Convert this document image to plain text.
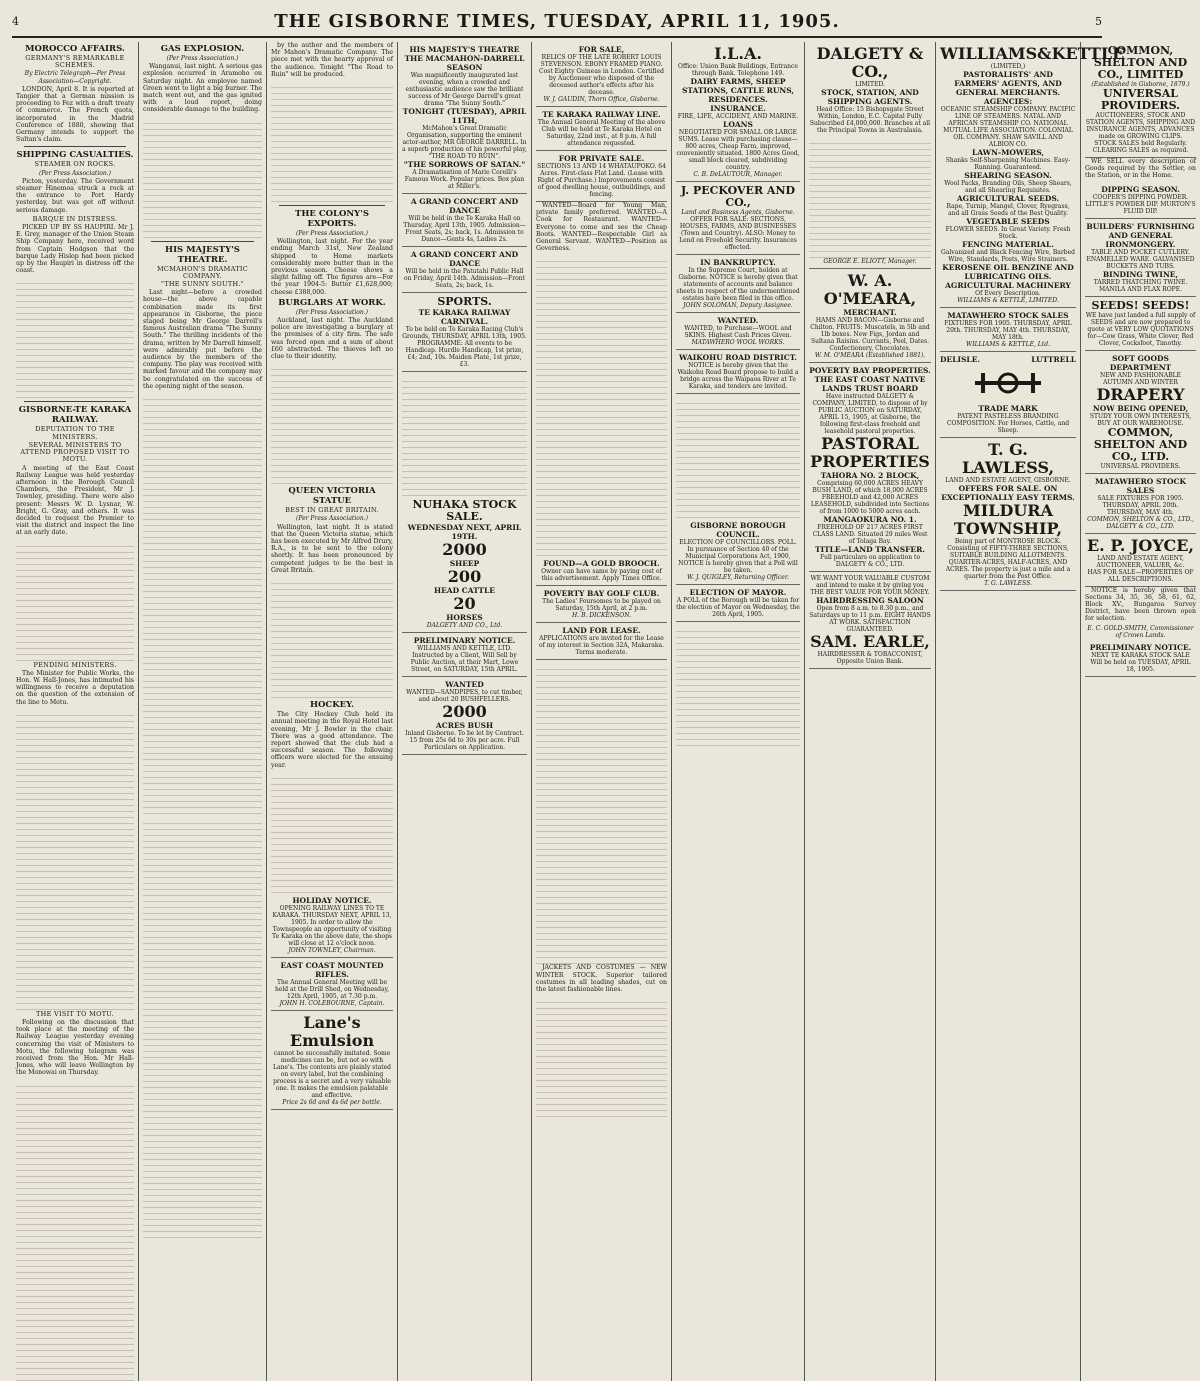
4	THE GISBORNE TIMES, TUESDAY, APRIL 11, 1905.	5
MOROCCO AFFAIRS.
GERMANY'S REMARKABLE SCHEMES.
By Electric Telegraph—Per Press Association—Copyright.

LONDON, April 8. It is reported at Tangier that a German mission is proceeding to Fez with a draft treaty of commerce. The French quota, incorporated in the Madrid Conference of 1880, showing that Germany intends to support the Sultan's claim.

SHIPPING CASUALTIES.
STEAMER ON ROCKS.
(Per Press Association.)

Picton, yesterday. The Government steamer Hinemoa struck a rock at the entrance to Port Hardy yesterday, but was got off without serious damage.

BARQUE IN DISTRESS.

PICKED UP BY SS HAUPIRI. Mr J. E. Grey, manager of the Union Steam Ship Company here, received word from Captain Hodgson that the barque Lady Hislop had been picked up by the Haupiri in distress off the coast.

GISBORNE-TE KARAKA RAILWAY.
DEPUTATION TO THE MINISTERS.
SEVERAL MINISTERS TO ATTEND PROPOSED VISIT TO MOTU.

A meeting of the East Coast Railway League was held yesterday afternoon in the Borough Council Chambers, the President, Mr J. Townley, presiding. There were also present: Messrs W. D. Lysnar, W. Bright, G. Gray, and others. It was decided to request the Premier to visit the district and inspect the line at an early date.

PENDING MINISTERS.

The Minister for Public Works, the Hon. W. Hall-Jones, has intimated his willingness to receive a deputation on the question of the extension of the line to Motu.

THE VISIT TO MOTU.

Following on the discussion that took place at the meeting of the Railway League yesterday evening concerning the visit of Ministers to Motu, the following telegram was received from the Hon. Mr Hall-Jones, who will leave Wellington by the Monowai on Thursday.

GAS EXPLOSION.
(Per Press Association.)

Wanganui, last night. A serious gas explosion occurred in Aramoho on Saturday night. An employee named Green went to light a big burner. The match went out, and the gas ignited with a loud report, doing considerable damage to the building.

HIS MAJESTY'S THEATRE.
MCMAHON'S DRAMATIC COMPANY.
"THE SUNNY SOUTH."

Last night—before a crowded house—the above capable combination made its first appearance in Gisborne, the piece staged being Mr George Darrell's famous Australian drama "The Sunny South." The thrilling incidents of the drama, written by Mr Darrell himself, were admirably put before the audience by the members of the company. The play was received with marked favour and the company may be congratulated on the success of the opening night of the season.

by the author and the members of Mr Mahon's Dramatic Company. The piece met with the hearty approval of the audience. Tonight "The Road to Ruin" will be produced.

THE COLONY'S EXPORTS.
(Per Press Association.)

Wellington, last night. For the year ending March 31st, New Zealand shipped to Home markets considerably more butter than in the previous season. Cheese shows a slight falling off. The figures are—For the year 1904-5: Butter £1,628,000; cheese £388,000.

BURGLARS AT WORK.
(Per Press Association.)

Auckland, last night. The Auckland police are investigating a burglary at the premises of a city firm. The safe was forced open and a sum of about £60 abstracted. The thieves left no clue to their identity.

QUEEN VICTORIA STATUE
BEST IN GREAT BRITAIN.
(Per Press Association.)

Wellington, last night. It is stated that the Queen Victoria statue, which has been executed by Mr Alfred Drury, R.A., is to be sent to the colony shortly. It has been pronounced by competent judges to be the best in Great Britain.

HOCKEY.

The City Hockey Club held its annual meeting in the Royal Hotel last evening, Mr J. Bowler in the chair. There was a good attendance. The report showed that the club had a successful season. The following officers were elected for the ensuing year.

HOLIDAY NOTICE.
OPENING RAILWAY LINES TO TE KARAKA. THURSDAY NEXT, APRIL 13, 1905. In order to allow the Townspeople an opportunity of visiting Te Karaka on the above date, the shops will close at 12 o'clock noon.
JOHN TOWNLEY, Chairman.
EAST COAST MOUNTED RIFLES.
The Annual General Meeting will be held at the Drill Shed, on Wednesday, 12th April, 1905, at 7.30 p.m.
JOHN H. COLEBOURNE, Captain.
Lane's Emulsion
cannot be successfully imitated. Some medicines can be, but not so with Lane's. The contents are plainly stated on every label, but the combining process is a secret and a very valuable one. It makes the emulsion palatable and effective.
Price 2s 6d and 4s 6d per bottle.
HIS MAJESTY'S THEATRE
THE MACMAHON-DARRELL SEASON
Was magnificently inaugurated last evening, when a crowded and enthusiastic audience saw the brilliant success of Mr George Darrell's great drama "The Sunny South."
TONIGHT (TUESDAY), APRIL 11TH,
McMahon's Great Dramatic Organisation, supporting the eminent actor-author, MR GEORGE DARRELL. In a superb production of his powerful play, "THE ROAD TO RUIN".
"THE SORROWS OF SATAN."
A Dramatisation of Marie Corelli's Famous Work. Popular prices. Box plan at Miller's.
A GRAND CONCERT AND DANCE
Will be held in the Te Karaka Hall on Thursday, April 13th, 1905. Admission—Front Seats, 2s; back, 1s. Admission to Dance—Gents 4s, Ladies 2s.
A GRAND CONCERT AND DANCE
Will be held in the Patutahi Public Hall on Friday, April 14th. Admission—Front Seats, 2s; back, 1s.
SPORTS.
TE KARAKA RAILWAY CARNIVAL.
To be held on Te Karaka Racing Club's Grounds, THURSDAY, APRIL 13th, 1905. PROGRAMME: All events to be Handicap. Hurdle Handicap, 1st prize, £4; 2nd, 10s. Maiden Plate, 1st prize, £3.
NUHAKA STOCK SALE.
WEDNESDAY NEXT, APRIL 19TH.
2000
SHEEP
200
HEAD CATTLE
20
HORSES
DALGETY AND CO., Ltd.
PRELIMINARY NOTICE.
WILLIAMS AND KETTLE, LTD. Instructed by a Client, Will Sell by Public Auction, at their Mart, Lowe Street, on SATURDAY, 15th APRIL.
WANTED
WANTED—SANDPIPES, to cut timber, and about 20 BUSHFELLERS.
2000
ACRES BUSH
Inland Gisborne. To be let by Contract. 15 from 25s 6d to 30s per acre. Full Particulars on Application.
FOR SALE,
RELICS OF THE LATE ROBERT LOUIS STEVENSON. EBONY FRAMED PIANO. Cost Eighty Guineas in London. Certified by Auctioneer who disposed of the deceased author's effects after his decease.
W. J. GAUDIN, Thorn Office, Gisborne.
TE KARAKA RAILWAY LINE.
The Annual General Meeting of the above Club will be held at Te Karaka Hotel on Saturday, 22nd inst., at 8 p.m. A full attendance requested.
FOR PRIVATE SALE.
SECTIONS 13 AND 14 WHATAUPOKO. 64 Acres. First-class Flat Land. (Lease with Right of Purchase.) Improvements consist of good dwelling house, outbuildings, and fencing.

WANTED—Board for Young Man, private family preferred. WANTED—A Cook for Restaurant. WANTED—Everyone to come and see the Cheap Boots. WANTED—Respectable Girl as General Servant. WANTED—Position as Governess.

FOUND—A GOLD BROOCH.
Owner can have same by paying cost of this advertisement. Apply Times Office.
POVERTY BAY GOLF CLUB.
The Ladies' Foursomes to be played on Saturday, 15th April, at 2 p.m.
H. B. DICKENSON.
LAND FOR LEASE.
APPLICATIONS are invited for the Lease of my interest in Section 32A, Makaraka. Terms moderate.

JACKETS AND COSTUMES — NEW WINTER STOCK. Superior tailored costumes in all leading shades, cut on the latest fashionable lines.

I.L.A.
Office: Union Bank Buildings, Entrance through Bank. Telephone 149.
DAIRY FARMS, SHEEP STATIONS, CATTLE RUNS, RESIDENCES.
INSURANCE.
FIRE, LIFE, ACCIDENT, AND MARINE.
LOANS
NEGOTIATED FOR SMALL OR LARGE SUMS. Lease with purchasing clause—800 acres, Cheap Farm, improved, conveniently situated. 1800 Acres Good, small block cleared, subdividing country.
C. B. DeLAUTOUR, Manager.
J. PECKOVER AND CO.,
Land and Business Agents, Gisborne.
OFFER FOR SALE: SECTIONS, HOUSES, FARMS, AND BUSINESSES (Town and Country). ALSO: Money to Lend on Freehold Security. Insurances effected.
IN BANKRUPTCY.
In the Supreme Court, holden at Gisborne. NOTICE is hereby given that statements of accounts and balance sheets in respect of the undermentioned estates have been filed in this office.
JOHN SOLOMAN, Deputy Assignee.
WANTED.
WANTED, to Purchase—WOOL and SKINS. Highest Cash Prices Given.
MATAWHERO WOOL WORKS.
WAIKOHU ROAD DISTRICT.
NOTICE is hereby given that the Waikohu Road Board propose to build a bridge across the Waipaoa River at Te Karaka, and tenders are invited.
GISBORNE BOROUGH COUNCIL.
ELECTION OF COUNCILLORS. POLL. In pursuance of Section 40 of the Municipal Corporations Act, 1900, NOTICE is hereby given that a Poll will be taken.
W. J. QUIGLEY, Returning Officer.
ELECTION OF MAYOR.
A POLL of the Borough will be taken for the election of Mayor on Wednesday, the 26th April, 1905.
DALGETY & CO.,
LIMITED.
STOCK, STATION, AND SHIPPING AGENTS.
Head Office: 15 Bishopsgate Street Within, London, E.C. Capital Fully Subscribed £4,000,000. Branches at all the Principal Towns in Australasia.
GEORGE E. ELIOTT, Manager.
W. A. O'MEARA,
MERCHANT.
HAMS AND BACON—Gisborne and Chilton. FRUITS: Muscatels, in 5lb and 1lb boxes. New Figs, Jordan and Sultana Raisins. Currants, Peel, Dates. Confectionery, Chocolates.
W. M. O'MEARA (Established 1881).
POVERTY BAY PROPERTIES.
THE EAST COAST NATIVE LANDS TRUST BOARD
Have instructed DALGETY & COMPANY, LIMITED, to dispose of by PUBLIC AUCTION on SATURDAY, APRIL 15, 1905, at Gisborne, the following first-class freehold and leasehold pastoral properties.
PASTORAL PROPERTIES
TAHORA NO. 2 BLOCK,
Comprising 60,000 ACRES HEAVY BUSH LAND, of which 18,000 ACRES FREEHOLD and 42,000 ACRES LEASEHOLD, subdivided into Sections of from 1000 to 5000 acres each.
MANGAOKURA NO. 1.
FREEHOLD OF 217 ACRES FIRST CLASS LAND. Situated 29 miles West of Tolaga Bay.
TITLE—LAND TRANSFER.
Full particulars on application to DALGETY & CO., LTD.
WE WANT YOUR VALUABLE CUSTOM and intend to make it by giving you THE BEST VALUE FOR YOUR MONEY.
HAIRDRESSING SALOON
Open from 8 a.m. to 8.30 p.m., and Saturdays up to 11 p.m. EIGHT HANDS AT WORK. SATISFACTION GUARANTEED.
SAM. EARLE,
HAIRDRESSER & TOBACCONIST, Opposite Union Bank.
WILLIAMS&KETTLE
(LIMITED,)
PASTORALISTS' AND FARMERS' AGENTS, AND GENERAL MERCHANTS.
AGENCIES:
OCEANIC STEAMSHIP COMPANY. PACIFIC LINE OF STEAMERS. NATAL AND AFRICAN STEAMSHIP CO. NATIONAL MUTUAL LIFE ASSOCIATION. COLONIAL OIL COMPANY. SHAW SAVILL AND ALBION CO.
LAWN-MOWERS,
Shanks Self-Sharpening Machines. Easy-Running. Guaranteed.
SHEARING SEASON.
Wool Packs, Branding Oils, Sheep Shears, and all Shearing Requisites.
AGRICULTURAL SEEDS.
Rape, Turnip, Mangel, Clover, Ryegrass, and all Grass Seeds of the Best Quality.
VEGETABLE SEEDS
FLOWER SEEDS. In Great Variety. Fresh Stock.
FENCING MATERIAL.
Galvanized and Black Fencing Wire, Barbed Wire, Standards, Posts, Wire Strainers.
KEROSENE OIL BENZINE AND LUBRICATING OILS.
AGRICULTURAL MACHINERY
Of Every Description.
WILLIAMS & KETTLE, LIMITED.
MATAWHERO STOCK SALES
FIXTURES FOR 1905. THURSDAY, APRIL 20th. THURSDAY, MAY 4th. THURSDAY, MAY 18th.
WILLIAMS & KETTLE, Ltd.
DELISLE.	LUTTRELL
TRADE MARK
PATENT PASTELESS BRANDING COMPOSITION. For Horses, Cattle, and Sheep.
T. G. LAWLESS,
LAND AND ESTATE AGENT, GISBORNE.
OFFERS FOR SALE. ON EXCEPTIONALLY EASY TERMS.
MILDURA TOWNSHIP,
Being part of MONTROSE BLOCK. Consisting of FIFTY-THREE SECTIONS, SUITABLE BUILDING ALLOTMENTS.
QUARTER-ACRES, HALF-ACRES, AND ACRES. The property is just a mile and a quarter from the Post Office.
T. G. LAWLESS.
COMMON, SHELTON AND CO., LIMITED
(Established in Gisborne, 1879.)
UNIVERSAL PROVIDERS.
AUCTIONEERS, STOCK AND STATION AGENTS, SHIPPING AND INSURANCE AGENTS, ADVANCES made on GROWING CLIPS.
STOCK SALES held Regularly. CLEARING SALES as required.

WE SELL every description of Goods required by the Settler, on the Station, or in the Home.

DIPPING SEASON.
COOPER'S DIPPING POWDER. LITTLE'S POWDER DIP. MURTON'S FLUID DIP.
BUILDERS' FURNISHING AND GENERAL IRONMONGERY.
TABLE AND POCKET CUTLERY. ENAMELLED WARE. GALVANISED BUCKETS AND TUBS.
BINDING TWINE,
TARRED THATCHING TWINE. MANILA AND FLAX ROPE.
SEEDS! SEEDS!
WE have just landed a full supply of SEEDS and are now prepared to quote at VERY LOW QUOTATIONS for—Cow Grass, White Clover, Red Clover, Cocksfoot, Timothy.
SOFT GOODS DEPARTMENT
NEW AND FASHIONABLE AUTUMN AND WINTER
DRAPERY
NOW BEING OPENED,
STUDY YOUR OWN INTERESTS, BUY AT OUR WAREHOUSE.
COMMON, SHELTON AND CO., LTD.
UNIVERSAL PROVIDERS.
MATAWHERO STOCK SALES
SALE FIXTURES FOR 1905. THURSDAY, APRIL 20th. THURSDAY, MAY 4th.
COMMON, SHELTON & CO., LTD., DALGETY & CO., LTD.
E. P. JOYCE,
LAND AND ESTATE AGENT, AUCTIONEER, VALUER, &c.
HAS FOR SALE—PROPERTIES OF ALL DESCRIPTIONS.

NOTICE is hereby given that Sections 34, 35, 36, 58, 61, 62, Block XV., Bungaroa Survey District, have been thrown open for selection.

E. C. GOLD-SMITH, Commissioner of Crown Lands.
PRELIMINARY NOTICE.
NEXT TE KARAKA STOCK SALE Will be held on TUESDAY, APRIL 18, 1905.
